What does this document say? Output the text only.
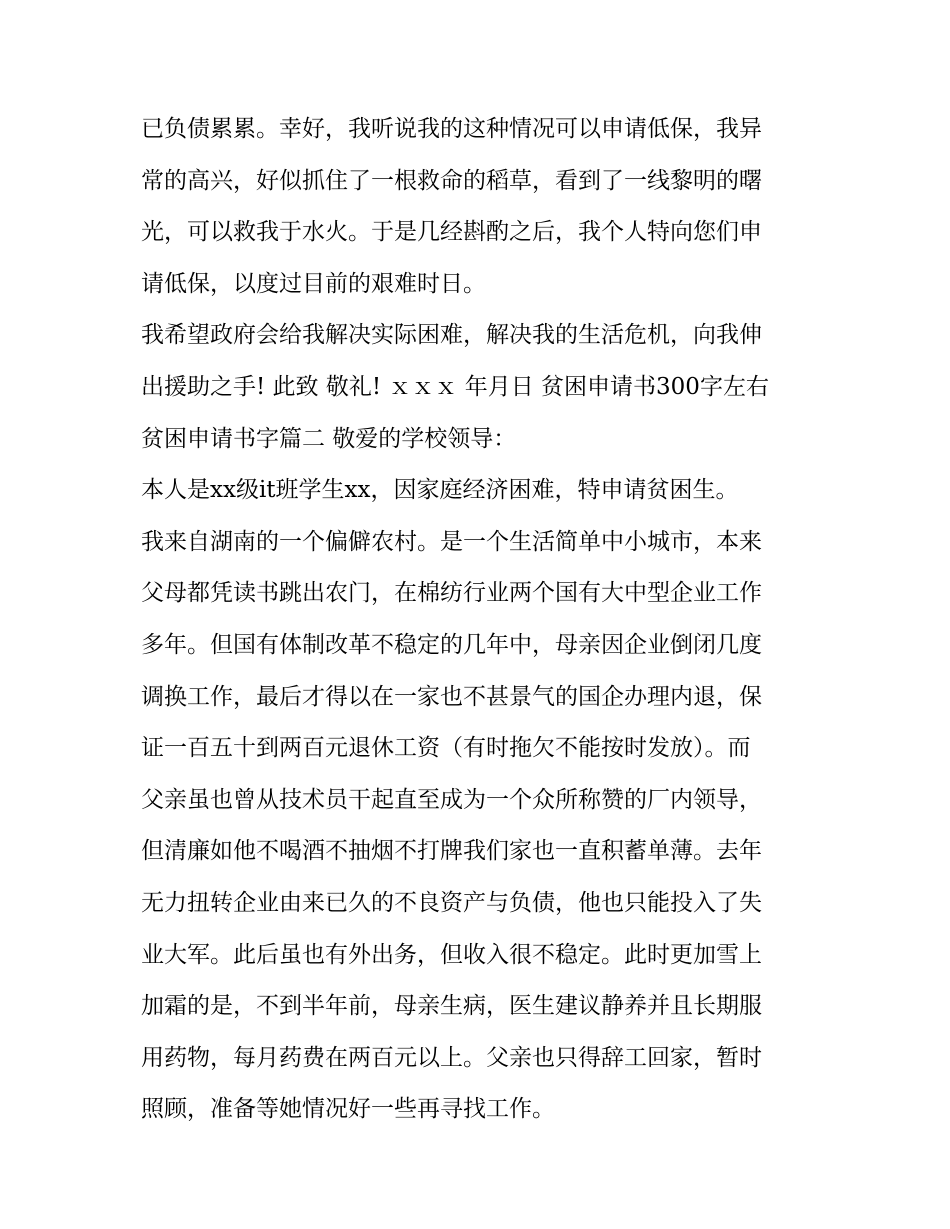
已负债累累。幸好，我听说我的这种情况可以申请低保，我异
常的高兴，好似抓住了一根救命的稻草，看到了一线黎明的曙
光，可以救我于水火。于是几经斟酌之后，我个人特向您们申
请低保，以度过目前的艰难时日。
我希望政府会给我解决实际困难，解决我的生活危机，向我伸
出援助之手! 此致 敬礼! ｘｘｘ 年月日 贫困申请书300字左右
贫困申请书字篇二 敬爱的学校领导：
本人是xx级it班学生xx，因家庭经济困难，特申请贫困生。
我来自湖南的一个偏僻农村。是一个生活简单中小城市，本来
父母都凭读书跳出农门，在棉纺行业两个国有大中型企业工作
多年。但国有体制改革不稳定的几年中，母亲因企业倒闭几度
调换工作，最后才得以在一家也不甚景气的国企办理内退，保
证一百五十到两百元退休工资（有时拖欠不能按时发放）。而
父亲虽也曾从技术员干起直至成为一个众所称赞的厂内领导，
但清廉如他不喝酒不抽烟不打牌我们家也一直积蓄单薄。去年
无力扭转企业由来已久的不良资产与负债，他也只能投入了失
业大军。此后虽也有外出务，但收入很不稳定。此时更加雪上
加霜的是，不到半年前，母亲生病，医生建议静养并且长期服
用药物，每月药费在两百元以上。父亲也只得辞工回家，暂时
照顾，准备等她情况好一些再寻找工作。
